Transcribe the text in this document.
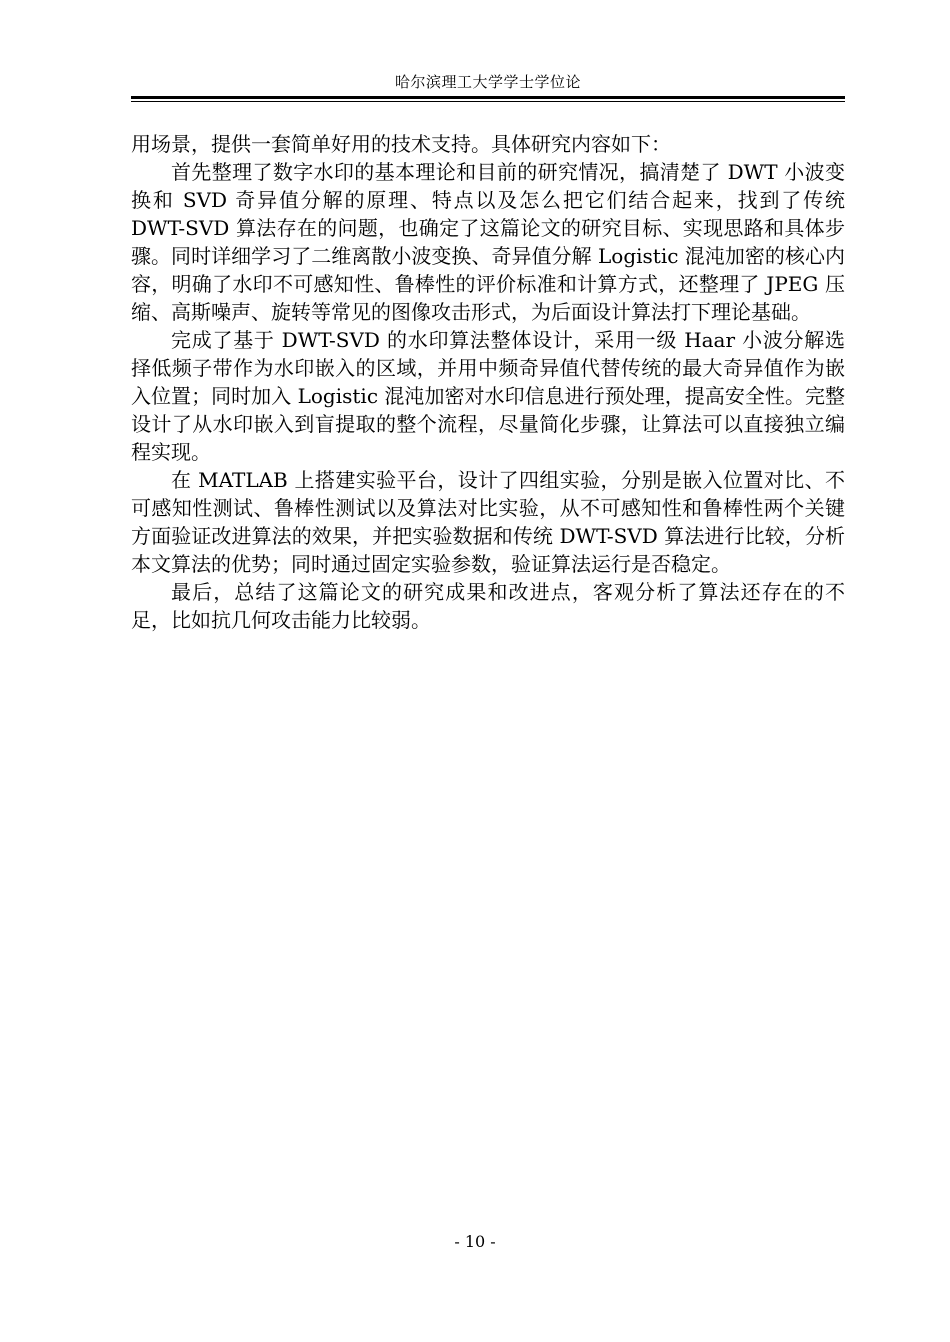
哈尔滨理工大学学士学位论

用场景，提供一套简单好用的技术支持。具体研究内容如下：

首先整理了数字水印的基本理论和目前的研究情况，搞清楚了 DWT 小波变换和 SVD 奇异值分解的原理、特点以及怎么把它们结合起来，找到了传统 DWT-SVD 算法存在的问题，也确定了这篇论文的研究目标、实现思路和具体步骤。同时详细学习了二维离散小波变换、奇异值分解 Logistic 混沌加密的核心内容，明确了水印不可感知性、鲁棒性的评价标准和计算方式，还整理了 JPEG 压缩、高斯噪声、旋转等常见的图像攻击形式，为后面设计算法打下理论基础。

完成了基于 DWT-SVD 的水印算法整体设计，采用一级 Haar 小波分解选择低频子带作为水印嵌入的区域，并用中频奇异值代替传统的最大奇异值作为嵌入位置；同时加入 Logistic 混沌加密对水印信息进行预处理，提高安全性。完整设计了从水印嵌入到盲提取的整个流程，尽量简化步骤，让算法可以直接独立编程实现。

在 MATLAB 上搭建实验平台，设计了四组实验，分别是嵌入位置对比、不可感知性测试、鲁棒性测试以及算法对比实验，从不可感知性和鲁棒性两个关键方面验证改进算法的效果，并把实验数据和传统 DWT-SVD 算法进行比较，分析本文算法的优势；同时通过固定实验参数，验证算法运行是否稳定。

最后，总结了这篇论文的研究成果和改进点，客观分析了算法还存在的不足，比如抗几何攻击能力比较弱。

- 10 -
